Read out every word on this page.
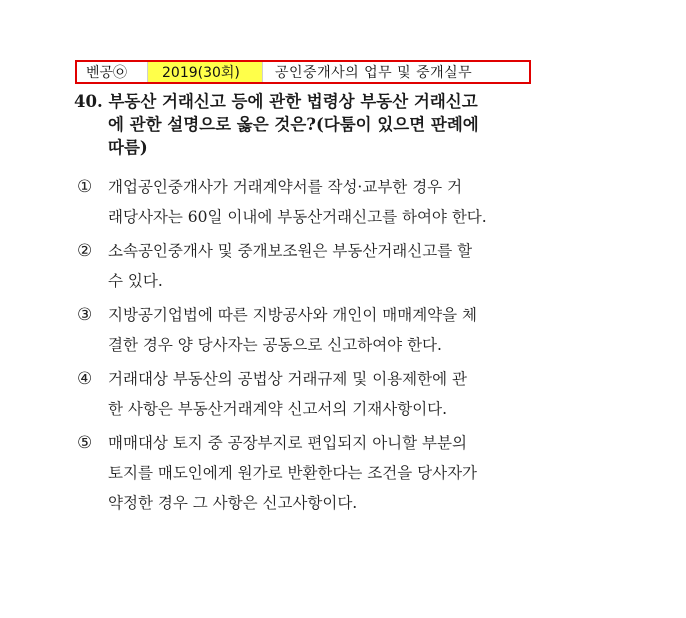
벤공㉧	2019(30회)	공인중개사의 업무 및 중개실무
40. 부동산 거래신고 등에 관한 법령상 부동산 거래신고
에 관한 설명으로 옳은 것은?(다툼이 있으면 판례에
따름)
① 개업공인중개사가 거래계약서를 작성·교부한 경우 거
래당사자는 60일 이내에 부동산거래신고를 하여야 한다.
② 소속공인중개사 및 중개보조원은 부동산거래신고를 할
수 있다.
③ 지방공기업법에 따른 지방공사와 개인이 매매계약을 체
결한 경우 양 당사자는 공동으로 신고하여야 한다.
④ 거래대상 부동산의 공법상 거래규제 및 이용제한에 관
한 사항은 부동산거래계약 신고서의 기재사항이다.
⑤ 매매대상 토지 중 공장부지로 편입되지 아니할 부분의
토지를 매도인에게 원가로 반환한다는 조건을 당사자가
약정한 경우 그 사항은 신고사항이다.
